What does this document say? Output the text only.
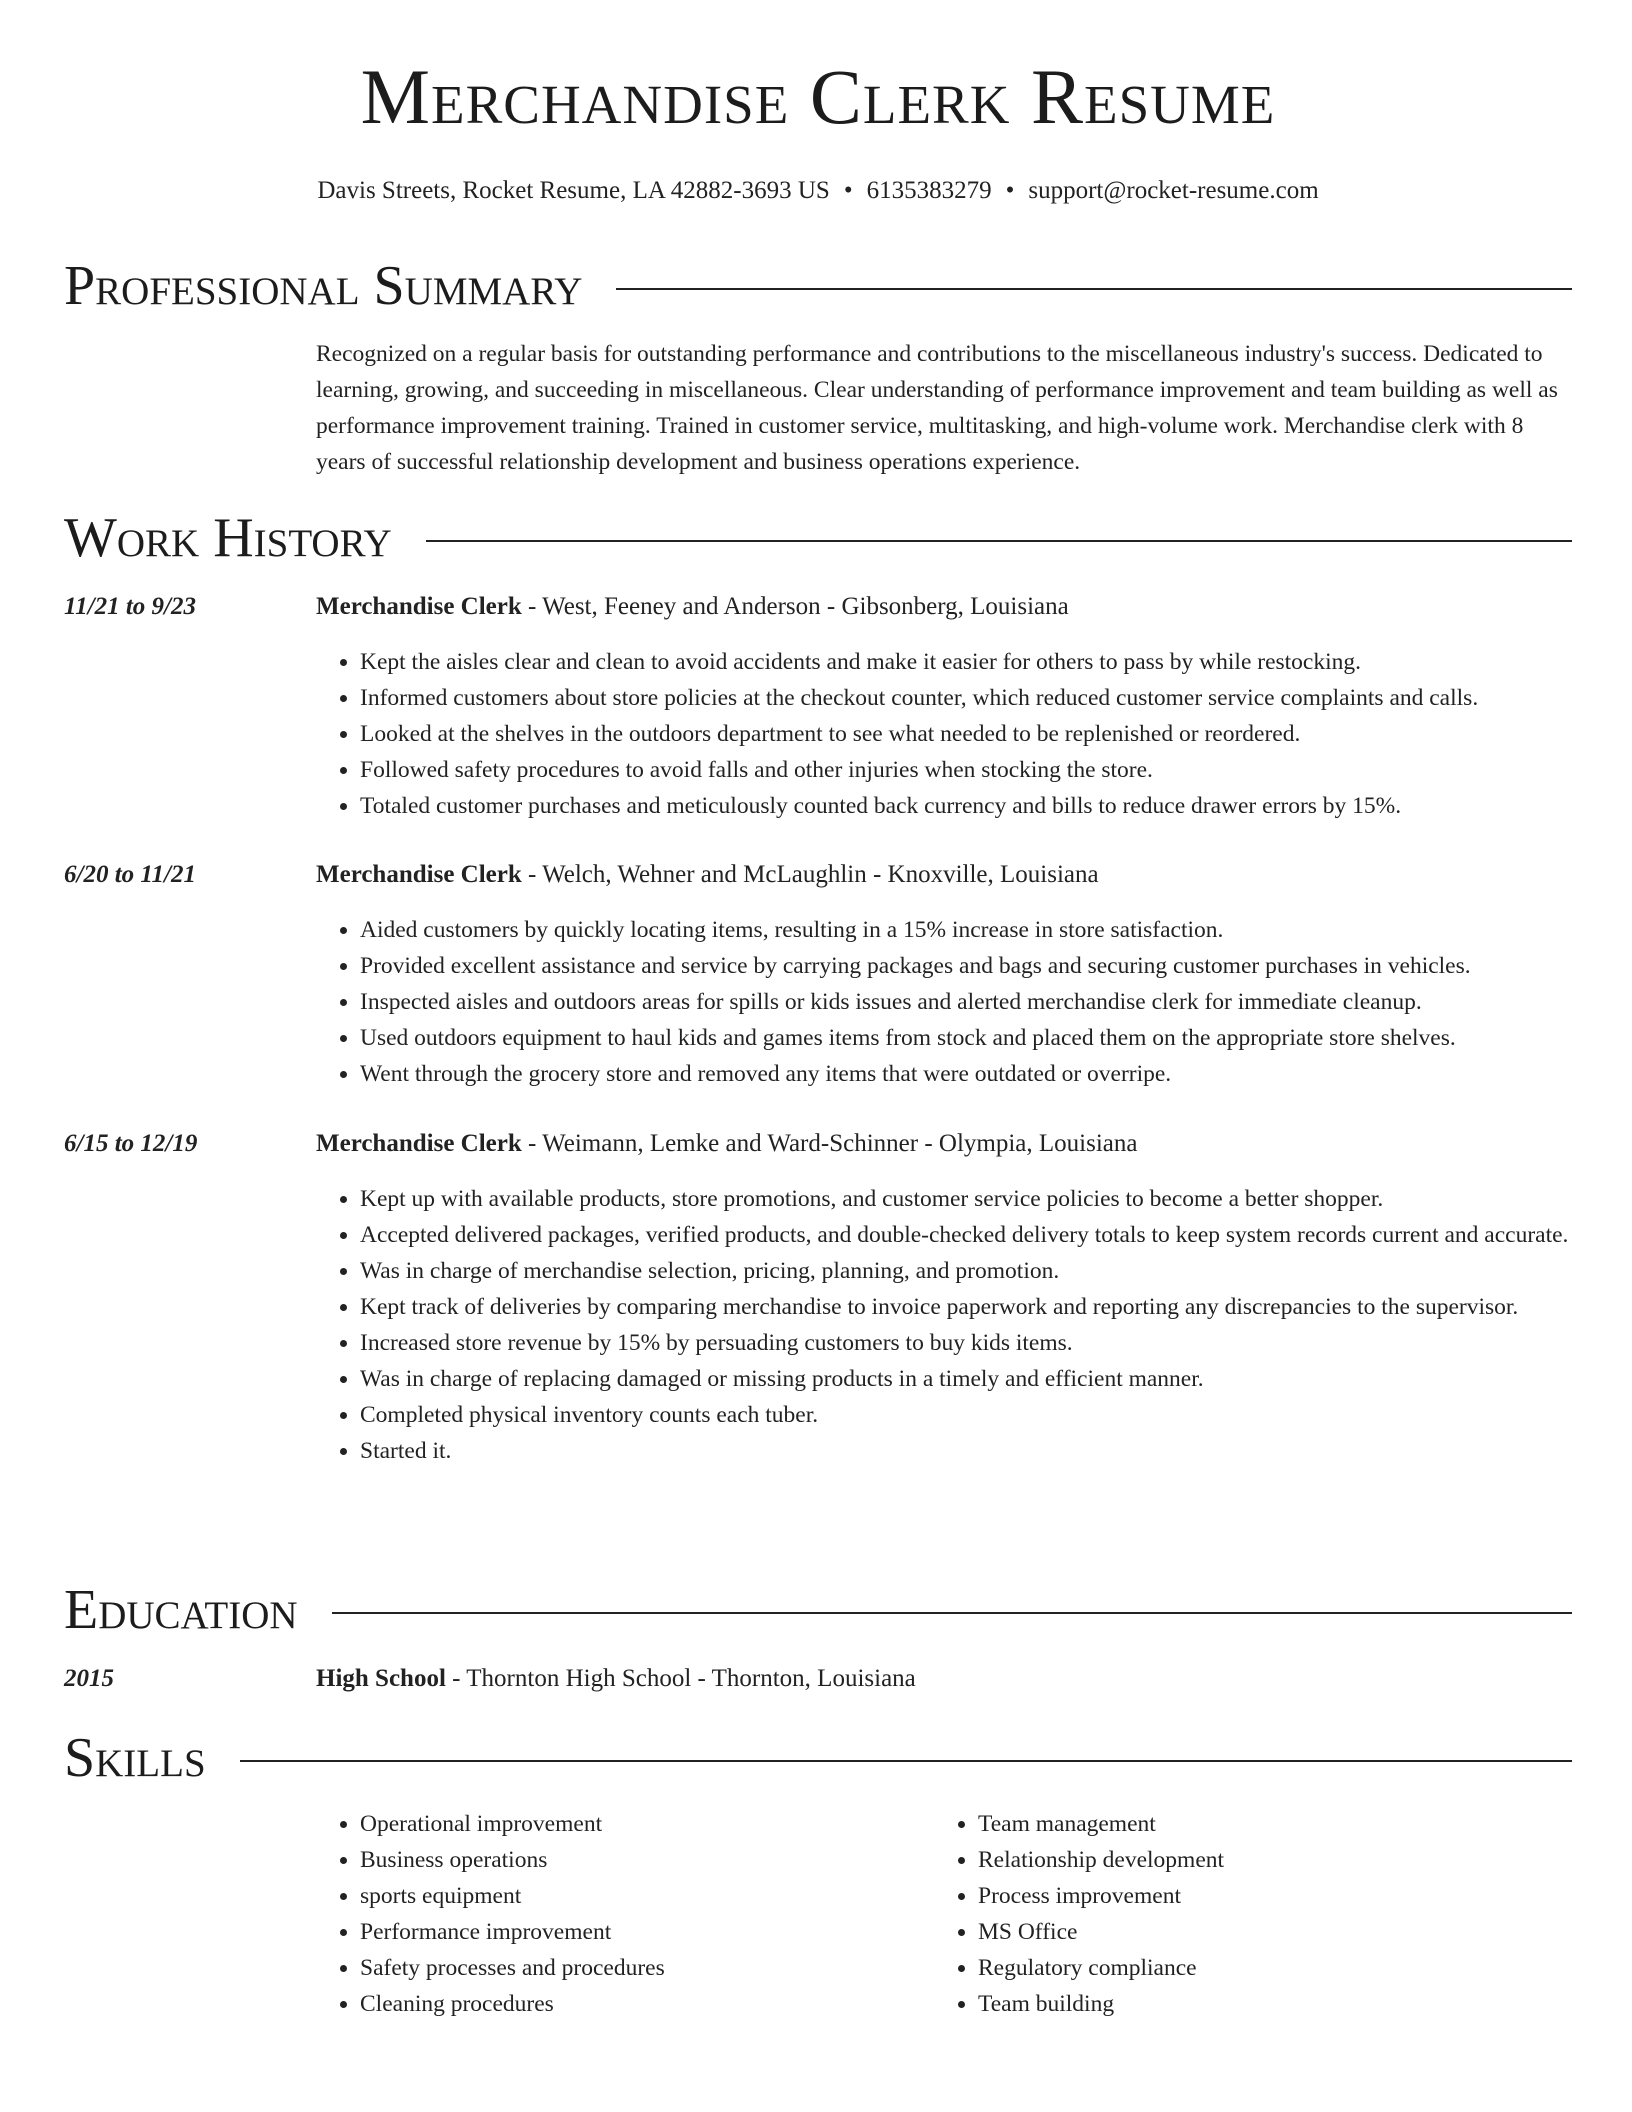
Merchandise Clerk Resume
Davis Streets, Rocket Resume, LA 42882-3693 US • 6135383279 • support@rocket-resume.com
Professional Summary

Recognized on a regular basis for outstanding performance and contributions to the miscellaneous industry's success. Dedicated to learning, growing, and succeeding in miscellaneous. Clear understanding of performance improvement and team building as well as performance improvement training. Trained in customer service, multitasking, and high-volume work. Merchandise clerk with 8 years of successful relationship development and business operations experience.

Work History
11/21 to 9/23	Merchandise Clerk - West, Feeney and Anderson - Gibsonberg, Louisiana
• Kept the aisles clear and clean to avoid accidents and make it easier for others to pass by while restocking.
• Informed customers about store policies at the checkout counter, which reduced customer service complaints and calls.
• Looked at the shelves in the outdoors department to see what needed to be replenished or reordered.
• Followed safety procedures to avoid falls and other injuries when stocking the store.
• Totaled customer purchases and meticulously counted back currency and bills to reduce drawer errors by 15%.
6/20 to 11/21	Merchandise Clerk - Welch, Wehner and McLaughlin - Knoxville, Louisiana
• Aided customers by quickly locating items, resulting in a 15% increase in store satisfaction.
• Provided excellent assistance and service by carrying packages and bags and securing customer purchases in vehicles.
• Inspected aisles and outdoors areas for spills or kids issues and alerted merchandise clerk for immediate cleanup.
• Used outdoors equipment to haul kids and games items from stock and placed them on the appropriate store shelves.
• Went through the grocery store and removed any items that were outdated or overripe.
6/15 to 12/19	Merchandise Clerk - Weimann, Lemke and Ward-Schinner - Olympia, Louisiana
• Kept up with available products, store promotions, and customer service policies to become a better shopper.
• Accepted delivered packages, verified products, and double-checked delivery totals to keep system records current and accurate.
• Was in charge of merchandise selection, pricing, planning, and promotion.
• Kept track of deliveries by comparing merchandise to invoice paperwork and reporting any discrepancies to the supervisor.
• Increased store revenue by 15% by persuading customers to buy kids items.
• Was in charge of replacing damaged or missing products in a timely and efficient manner.
• Completed physical inventory counts each tuber.
• Started it.
Education
2015	High School - Thornton High School - Thornton, Louisiana
Skills
• Operational improvement
• Business operations
• sports equipment
• Performance improvement
• Safety processes and procedures
• Cleaning procedures
• Team management
• Relationship development
• Process improvement
• MS Office
• Regulatory compliance
• Team building
